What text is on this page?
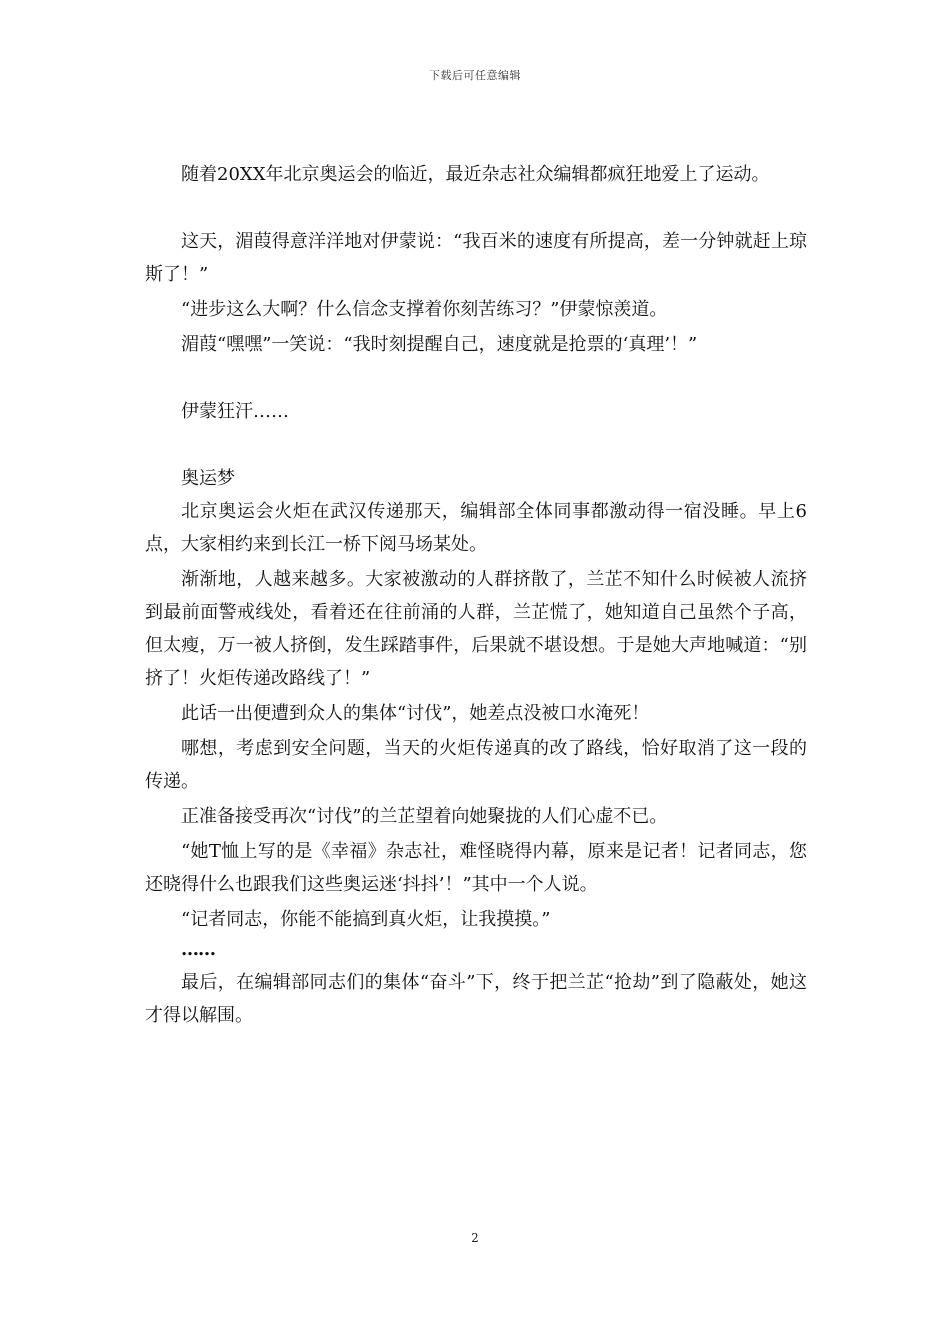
下载后可任意编辑

随着20XX年北京奥运会的临近，最近杂志社众编辑都疯狂地爱上了运动。

这天，湄葭得意洋洋地对伊蒙说：“我百米的速度有所提高，差一分钟就赶上琼斯了！”

“进步这么大啊？什么信念支撑着你刻苦练习？”伊蒙惊羡道。

湄葭“嘿嘿”一笑说：“我时刻提醒自己，速度就是抢票的‘真理’！”

伊蒙狂汗……

奥运梦

北京奥运会火炬在武汉传递那天，编辑部全体同事都激动得一宿没睡。早上6点，大家相约来到长江一桥下阅马场某处。

渐渐地，人越来越多。大家被激动的人群挤散了，兰芷不知什么时候被人流挤到最前面警戒线处，看着还在往前涌的人群，兰芷慌了，她知道自己虽然个子高，但太瘦，万一被人挤倒，发生踩踏事件，后果就不堪设想。于是她大声地喊道：“别挤了！火炬传递改路线了！”

此话一出便遭到众人的集体“讨伐”，她差点没被口水淹死！

哪想，考虑到安全问题，当天的火炬传递真的改了路线，恰好取消了这一段的传递。

正准备接受再次“讨伐”的兰芷望着向她聚拢的人们心虚不已。

“她T恤上写的是《幸福》杂志社，难怪晓得内幕，原来是记者！记者同志，您还晓得什么也跟我们这些奥运迷‘抖抖’！”其中一个人说。

“记者同志，你能不能搞到真火炬，让我摸摸。”

……

最后，在编辑部同志们的集体“奋斗”下，终于把兰芷“抢劫”到了隐蔽处，她这才得以解围。

2
